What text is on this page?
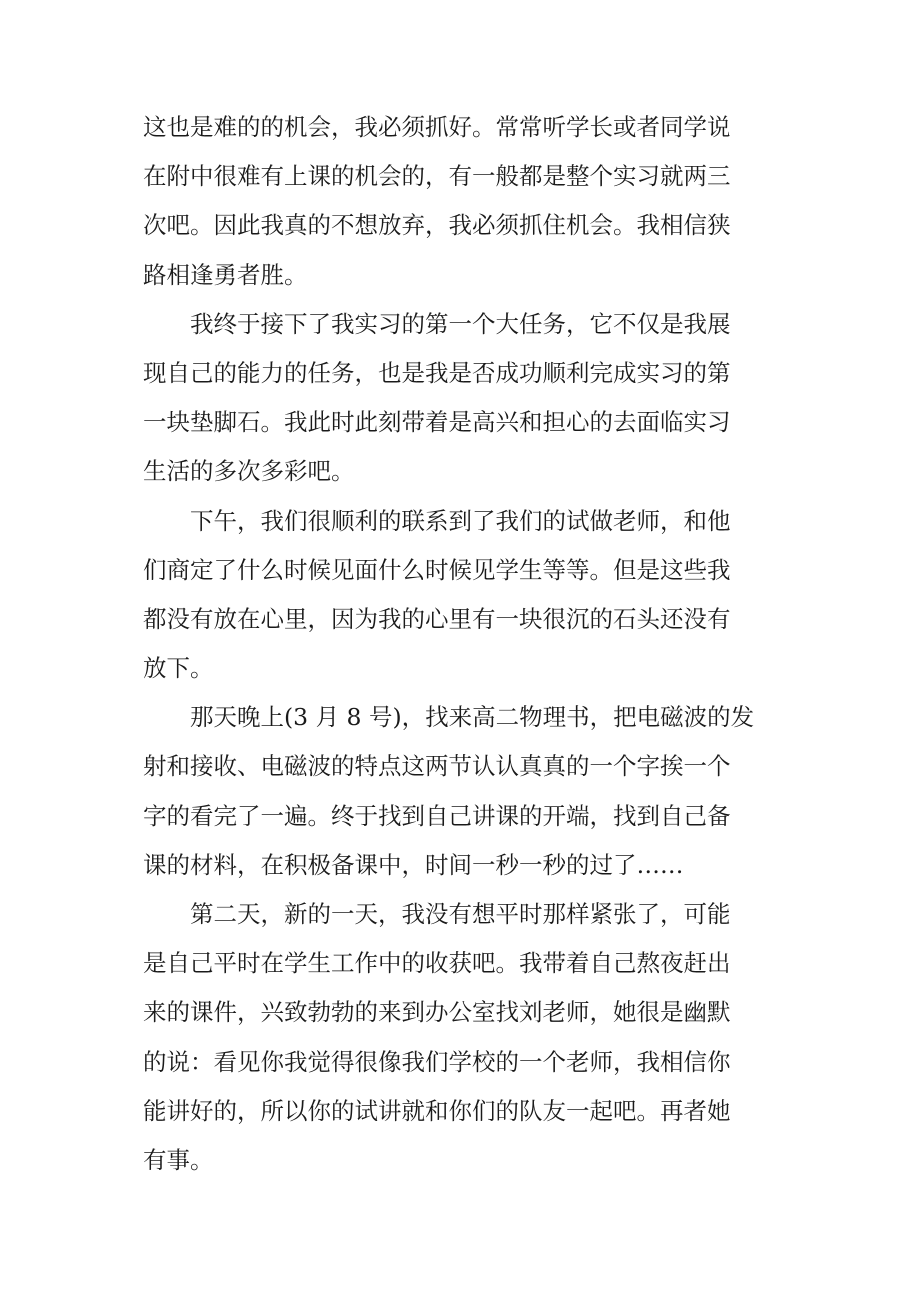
这也是难的的机会，我必须抓好。常常听学长或者同学说
在附中很难有上课的机会的，有一般都是整个实习就两三
次吧。因此我真的不想放弃，我必须抓住机会。我相信狭
路相逢勇者胜。
我终于接下了我实习的第一个大任务，它不仅是我展
现自己的能力的任务，也是我是否成功顺利完成实习的第
一块垫脚石。我此时此刻带着是高兴和担心的去面临实习
生活的多次多彩吧。
下午，我们很顺利的联系到了我们的试做老师，和他
们商定了什么时候见面什么时候见学生等等。但是这些我
都没有放在心里，因为我的心里有一块很沉的石头还没有
放下。
那天晚上(3 月 8 号)，找来高二物理书，把电磁波的发
射和接收、电磁波的特点这两节认认真真的一个字挨一个
字的看完了一遍。终于找到自己讲课的开端，找到自己备
课的材料，在积极备课中，时间一秒一秒的过了……
第二天，新的一天，我没有想平时那样紧张了，可能
是自己平时在学生工作中的收获吧。我带着自己熬夜赶出
来的课件，兴致勃勃的来到办公室找刘老师，她很是幽默
的说：看见你我觉得很像我们学校的一个老师，我相信你
能讲好的，所以你的试讲就和你们的队友一起吧。再者她
有事。
